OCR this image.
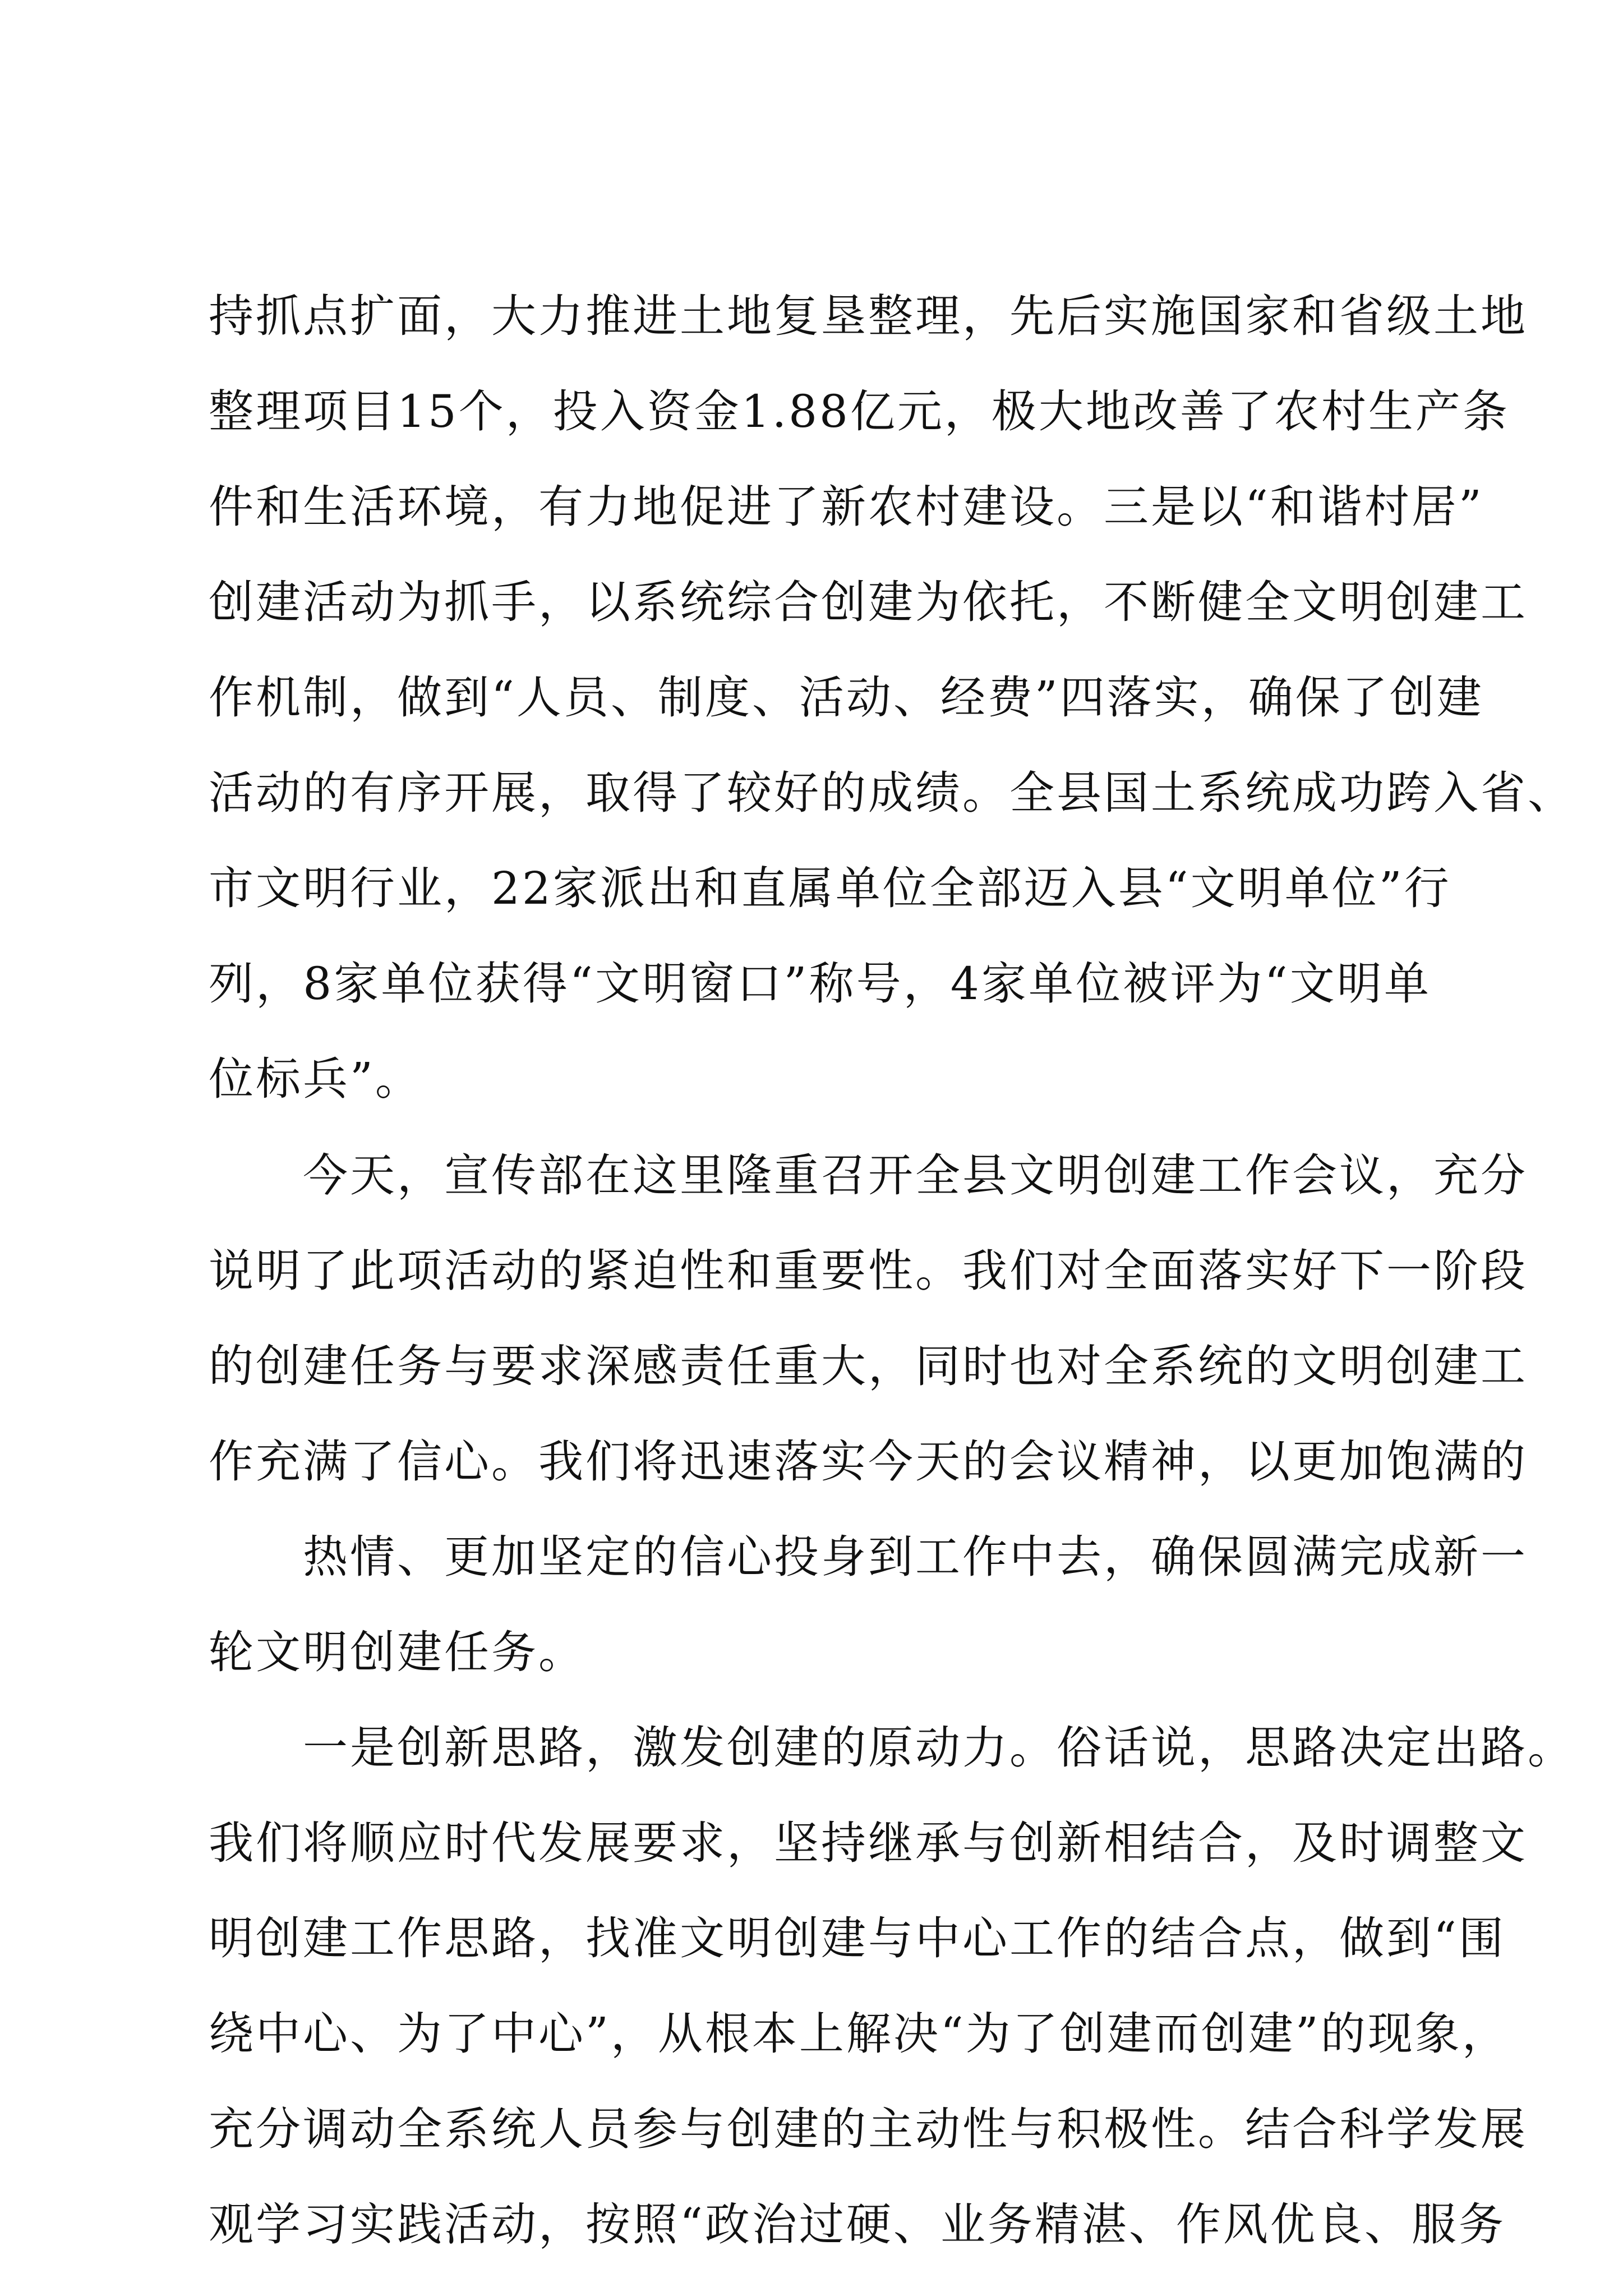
持抓点扩面，大力推进土地复垦整理，先后实施国家和省级土地
整理项目15个，投入资金1.88亿元，极大地改善了农村生产条
件和生活环境，有力地促进了新农村建设。三是以“和谐村居”
创建活动为抓手，以系统综合创建为依托，不断健全文明创建工
作机制，做到“人员、制度、活动、经费”四落实，确保了创建
活动的有序开展，取得了较好的成绩。全县国土系统成功跨入省、
市文明行业，22家派出和直属单位全部迈入县“文明单位”行
列，8家单位获得“文明窗口”称号，4家单位被评为“文明单
位标兵”。
今天，宣传部在这里隆重召开全县文明创建工作会议，充分
说明了此项活动的紧迫性和重要性。我们对全面落实好下一阶段
的创建任务与要求深感责任重大，同时也对全系统的文明创建工
作充满了信心。我们将迅速落实今天的会议精神，以更加饱满的
热情、更加坚定的信心投身到工作中去，确保圆满完成新一
轮文明创建任务。
一是创新思路，激发创建的原动力。俗话说，思路决定出路。
我们将顺应时代发展要求，坚持继承与创新相结合，及时调整文
明创建工作思路，找准文明创建与中心工作的结合点，做到“围
绕中心、为了中心”，从根本上解决“为了创建而创建”的现象，
充分调动全系统人员参与创建的主动性与积极性。结合科学发展
观学习实践活动，按照“政治过硬、业务精湛、作风优良、服务
